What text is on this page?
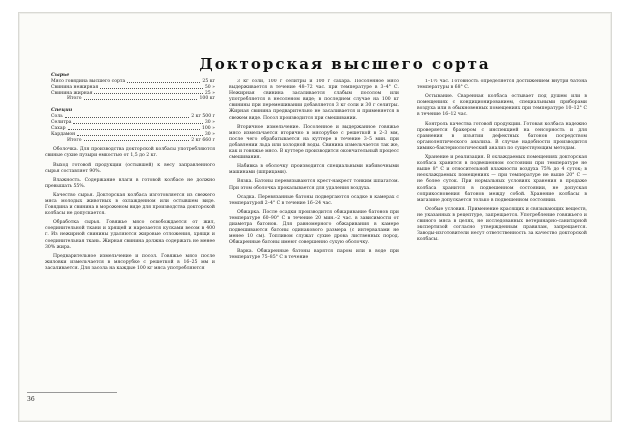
Докторская высшего сорта
Сырье
Мясо говядина высшего сорта	25 кг
Свинина нежирная	50 »
Свинина жирная	25 »
Итого	100 кг
Специи
Соль	2 кг 500 г
Селитра	30 »
Сахар	100 »
Кардамон	30 »
Итого	2 кг 660 г

Оболочка. Для производства докторской колбасы употребляются свиные сухие пузыри емкостью от 1,5 до 2 кг.

Выход готовой продукции (остывшей) к весу заправленного сырья составляет 90%.

Влажность. Содержание влаги в готовой колбасе не должно превышать 55%.

Качество сырья. Докторская колбаса изготовляется из свежего мяса молодых животных в охлажденном или остывшем виде. Говядина и свинина в мороженом виде для производства докторской колбасы не допускается.

Обработка сырья. Говяжье мясо освобождается от жил, соединительной ткани и хрящей и нарезается кусками весом в 400 г. Из нежирной свинины удаляются жировые отложения, хрящи и соединительная ткань. Жирная свинина должна содержать не менее 30% жира.

Предварительное измельчение и посол. Говяжье мясо после жиловки измельчается в мясорубке с решеткой в 16–25 мм и засаливается. Для засола на каждые 100 кг мяса употребляются

3 кг соли, 100 г селитры и 100 г сахара. Посоленное мясо выдерживается в течение 48–72 час. при температуре в 3–4° С. Нежирная свинина засаливается слабым посолом или употребляется в несоленом виде; в последнем случае на 100 кг свинины при перемешивании добавляется 3 кг соли и 30 г селитры. Жирная свинина предварительно не засаливается и применяется в свежем виде. Посол производится при смешивании.

Вторичное измельчение. Посоленное и выдержанное говяжье мясо измельчается вторично в мясорубке с решеткой в 2–3 мм, после чего обрабатывается на куттере в течение 3–5 мин. при добавлении льда или холодной воды. Свинина измельчается так же, как и говяжье мясо. В куттере производится окончательный процесс смешивания.

Набивка в оболочку производится специальными набивочными машинами (шприцами).

Вязка. Батоны перевязываются крест-накрест тонким шпагатом. При этом оболочка прокалывается для удаления воздуха.

Осадка. Перевязанные батоны подвергаются осадке в камерах с температурой 2–4° С в течение 16–24 час.

Обжарка. После осадки производится обжаривание батонов при температуре 60–90° С в течение 20 мин.–2 час. в зависимости от диаметра батонов. Для равномерного обжаривания в камере подвешиваются батоны одинакового размера (с интервалами не менее 10 см). Топливом служат сухие дрова лиственных пород. Обжаренные батоны имеют совершенно сухую оболочку.

Варка. Обжаренные батоны варятся паром или в воде при температуре 75–85° С в течение

1–1½ час. Готовность определяется достижением внутри батона температуры в 68° С.

Остывание. Сваренная колбаса остывает под душем или в помещениях с кондиционированием, специальными приборами воздуха или в обыкновенных помещениях при температуре 10–12° С в течение 16–12 час.

Контроль качества готовой продукции. Готовая колбаса надежно проверяется бракером с инспекцией на сенсорность и для сравнения в изъятии дефектных батонов посредством органолептического анализа. В случае надобности производится химико-бактериологический анализ по существующим методам.

Хранение и реализация. В охлаждаемых помещениях докторская колбаса хранится в подвешенном состоянии при температуре не выше 8° С и относительной влажности воздуха 75% до 4 суток; в неохлаждаемых помещениях — при температуре не выше 20° С — не более суток. При нормальных условиях хранения в продаже колбаса хранится в подвешенном состоянии, не допуская соприкосновения батонов между собой. Хранение колбасы в магазине допускается только в подвешенном состоянии.

Особые условия. Применение красящих и связывающих веществ, не указанных в рецептуре, запрещается. Употребление говяжьего и свиного мяса в целях, не исследованных ветеринарно-санитарной экспертизой согласно утвержденным правилам, запрещается. Заводы-изготовители несут ответственность за качество докторской колбасы.

36
